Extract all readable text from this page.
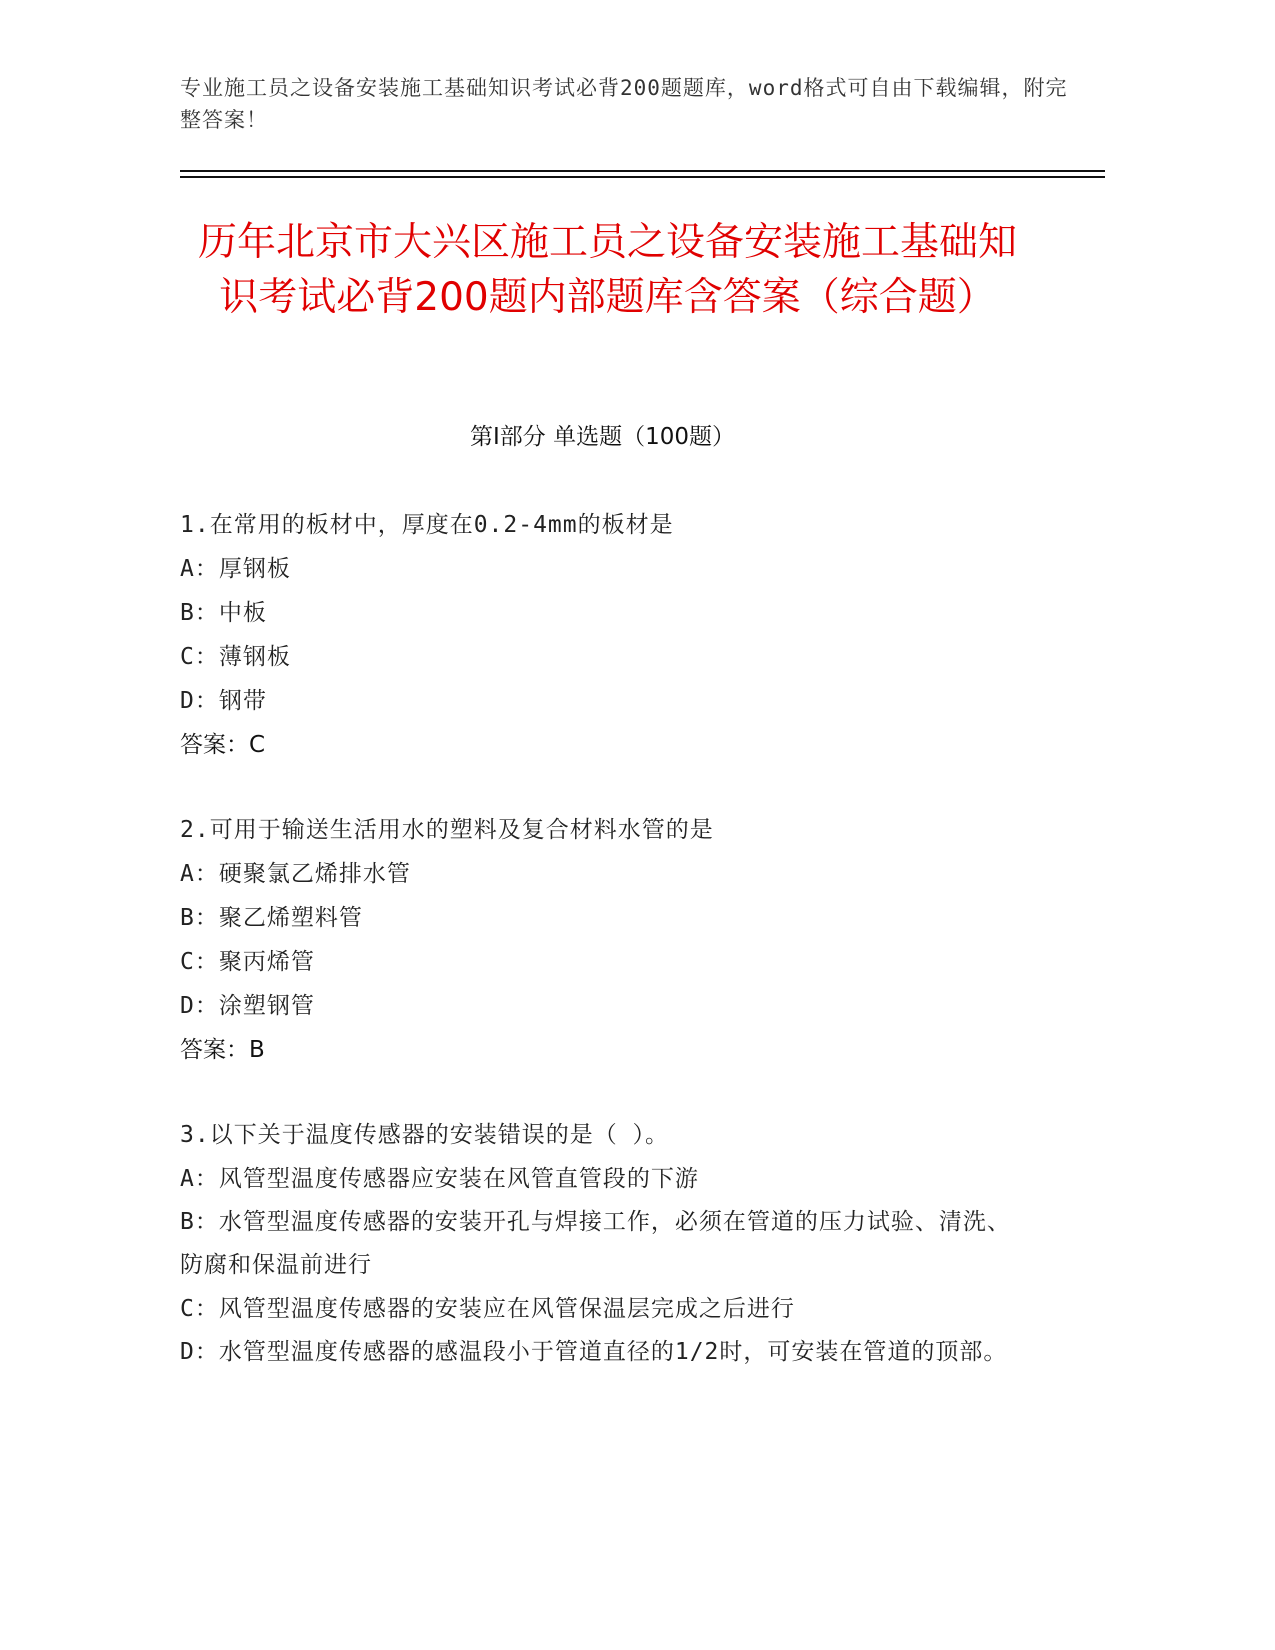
专业施工员之设备安装施工基础知识考试必背200题题库，word格式可自由下载编辑，附完整答案！
历年北京市大兴区施工员之设备安装施工基础知识考试必背200题内部题库含答案（综合题）
第Ⅰ部分 单选题（100题）
1.在常用的板材中，厚度在0.2-4mm的板材是
A：厚钢板
B：中板
C：薄钢板
D：钢带
答案：C
2.可用于输送生活用水的塑料及复合材料水管的是
A：硬聚氯乙烯排水管
B：聚乙烯塑料管
C：聚丙烯管
D：涂塑钢管
答案：B
3.以下关于温度传感器的安装错误的是（ ）。
A：风管型温度传感器应安装在风管直管段的下游
B：水管型温度传感器的安装开孔与焊接工作，必须在管道的压力试验、清洗、防腐和保温前进行
C：风管型温度传感器的安装应在风管保温层完成之后进行
D：水管型温度传感器的感温段小于管道直径的1/2时，可安装在管道的顶部。
